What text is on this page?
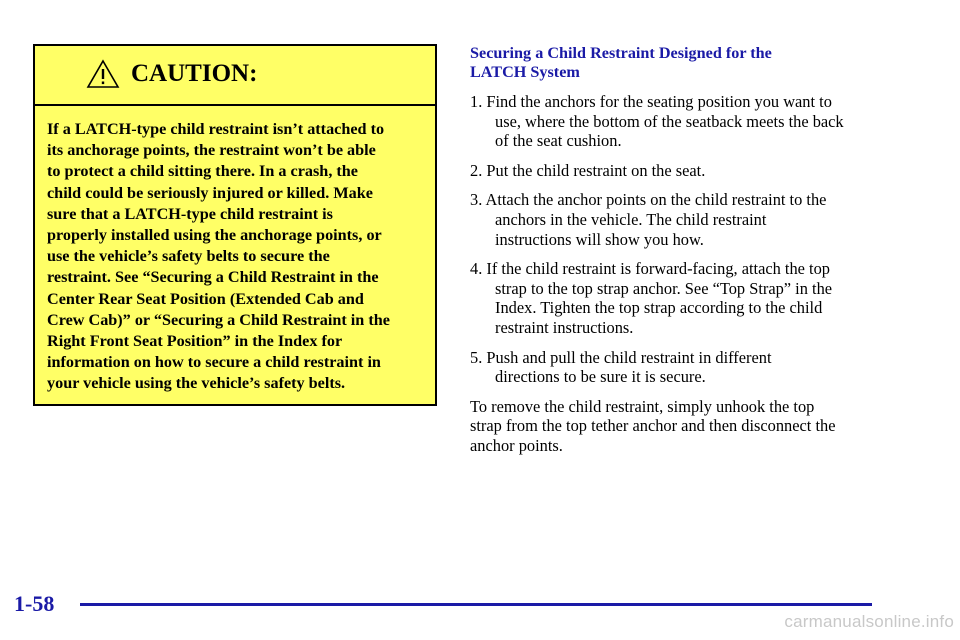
CAUTION:
If a LATCH‐type child restraint isn’t attached to
its anchorage points, the restraint won’t be able
to protect a child sitting there. In a crash, the
child could be seriously injured or killed. Make
sure that a LATCH‐type child restraint is
properly installed using the anchorage points, or
use the vehicle’s safety belts to secure the
restraint. See “Securing a Child Restraint in the
Center Rear Seat Position (Extended Cab and
Crew Cab)” or “Securing a Child Restraint in the
Right Front Seat Position” in the Index for
information on how to secure a child restraint in
your vehicle using the vehicle’s safety belts.
Securing a Child Restraint Designed for the
LATCH System
1. Find the anchors for the seating position you want to
use, where the bottom of the seatback meets the back
of the seat cushion.
2. Put the child restraint on the seat.
3. Attach the anchor points on the child restraint to the
anchors in the vehicle. The child restraint
instructions will show you how.
4. If the child restraint is forward‐facing, attach the top
strap to the top strap anchor. See “Top Strap” in the
Index. Tighten the top strap according to the child
restraint instructions.
5. Push and pull the child restraint in different
directions to be sure it is secure.
To remove the child restraint, simply unhook the top
strap from the top tether anchor and then disconnect the
anchor points.
1-58
carmanualsonline.info
